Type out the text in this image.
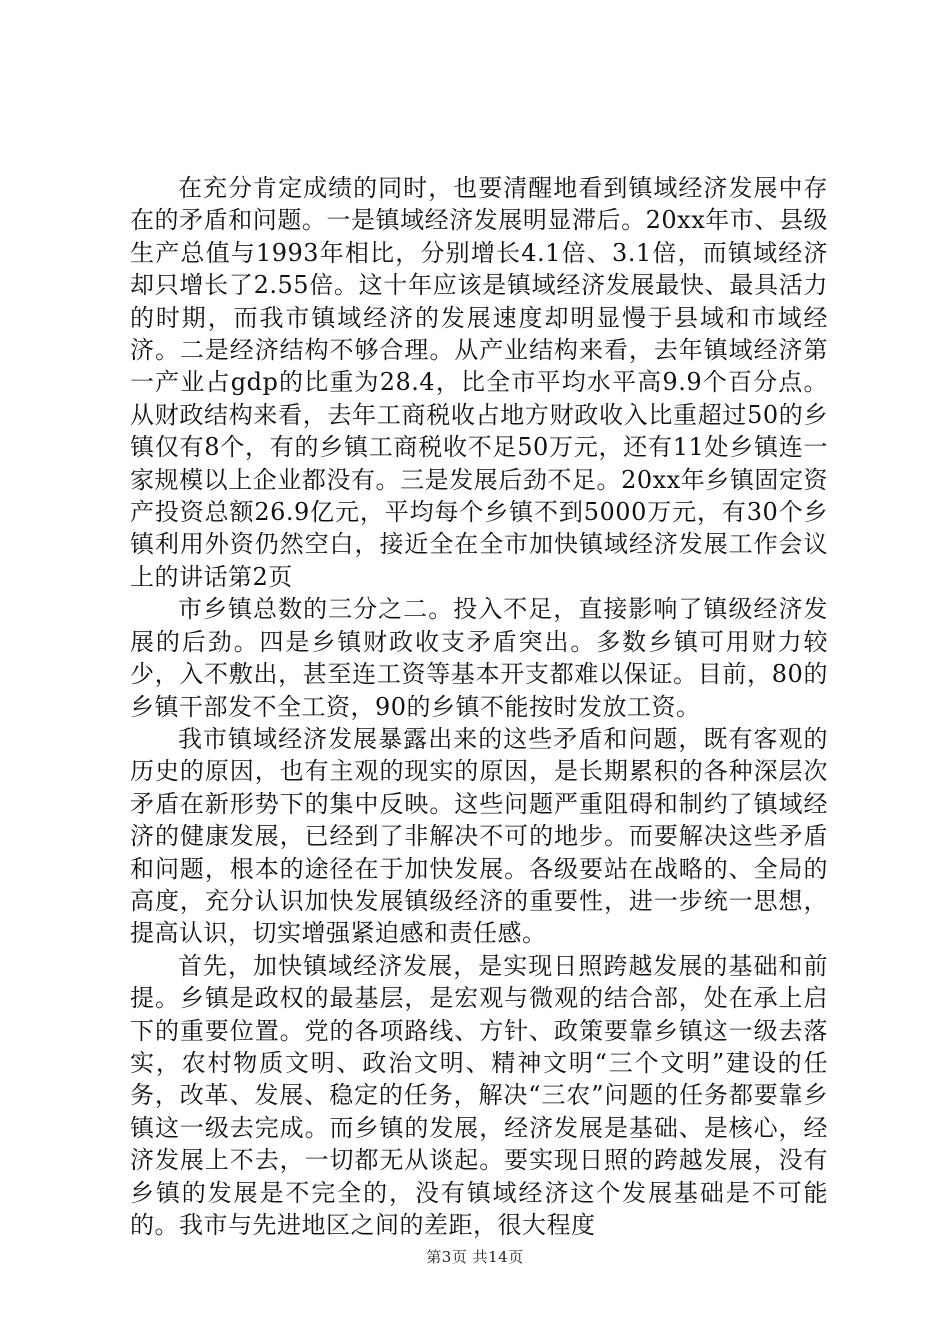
在充分肯定成绩的同时，也要清醒地看到镇域经济发展中存在的矛盾和问题。一是镇域经济发展明显滞后。20xx年市、县级生产总值与1993年相比，分别增长4.1倍、3.1倍，而镇域经济却只增长了2.55倍。这十年应该是镇域经济发展最快、最具活力的时期，而我市镇域经济的发展速度却明显慢于县域和市域经济。二是经济结构不够合理。从产业结构来看，去年镇域经济第一产业占gdp的比重为28.4，比全市平均水平高9.9个百分点。从财政结构来看，去年工商税收占地方财政收入比重超过50的乡镇仅有8个，有的乡镇工商税收不足50万元，还有11处乡镇连一家规模以上企业都没有。三是发展后劲不足。20xx年乡镇固定资产投资总额26.9亿元，平均每个乡镇不到5000万元，有30个乡镇利用外资仍然空白，接近全在全市加快镇域经济发展工作会议上的讲话第2页

市乡镇总数的三分之二。投入不足，直接影响了镇级经济发展的后劲。四是乡镇财政收支矛盾突出。多数乡镇可用财力较少，入不敷出，甚至连工资等基本开支都难以保证。目前，80的乡镇干部发不全工资，90的乡镇不能按时发放工资。

我市镇域经济发展暴露出来的这些矛盾和问题，既有客观的历史的原因，也有主观的现实的原因，是长期累积的各种深层次矛盾在新形势下的集中反映。这些问题严重阻碍和制约了镇域经济的健康发展，已经到了非解决不可的地步。而要解决这些矛盾和问题，根本的途径在于加快发展。各级要站在战略的、全局的高度，充分认识加快发展镇级经济的重要性，进一步统一思想，提高认识，切实增强紧迫感和责任感。

首先，加快镇域经济发展，是实现日照跨越发展的基础和前提。乡镇是政权的最基层，是宏观与微观的结合部，处在承上启下的重要位置。党的各项路线、方针、政策要靠乡镇这一级去落实，农村物质文明、政治文明、精神文明“三个文明”建设的任务，改革、发展、稳定的任务，解决“三农”问题的任务都要靠乡镇这一级去完成。而乡镇的发展，经济发展是基础、是核心，经济发展上不去，一切都无从谈起。要实现日照的跨越发展，没有乡镇的发展是不完全的，没有镇域经济这个发展基础是不可能的。我市与先进地区之间的差距，很大程度

第3页 共14页
